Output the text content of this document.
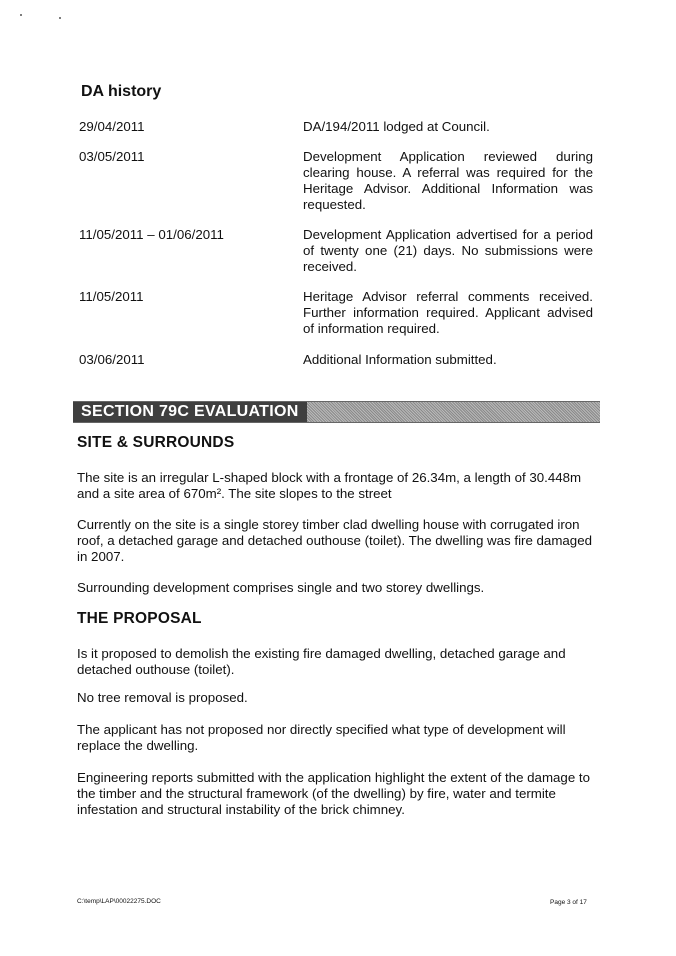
DA history
29/04/2011	DA/194/2011 lodged at Council.
03/05/2011	Development Application reviewed during clearing house. A referral was required for the Heritage Advisor. Additional Information was requested.
11/05/2011 – 01/06/2011	Development Application advertised for a period of twenty one (21) days. No submissions were received.
11/05/2011	Heritage Advisor referral comments received. Further information required. Applicant advised of information required.
03/06/2011	Additional Information submitted.
SECTION 79C EVALUATION
SITE & SURROUNDS

The site is an irregular L-shaped block with a frontage of 26.34m, a length of 30.448m and a site area of 670m². The site slopes to the street

Currently on the site is a single storey timber clad dwelling house with corrugated iron roof, a detached garage and detached outhouse (toilet). The dwelling was fire damaged in 2007.

Surrounding development comprises single and two storey dwellings.

THE PROPOSAL

Is it proposed to demolish the existing fire damaged dwelling, detached garage and detached outhouse (toilet).

No tree removal is proposed.

The applicant has not proposed nor directly specified what type of development will replace the dwelling.

Engineering reports submitted with the application highlight the extent of the damage to the timber and the structural framework (of the dwelling) by fire, water and termite infestation and structural instability of the brick chimney.

C:\temp\LAP\00022275.DOC	Page 3 of 17
